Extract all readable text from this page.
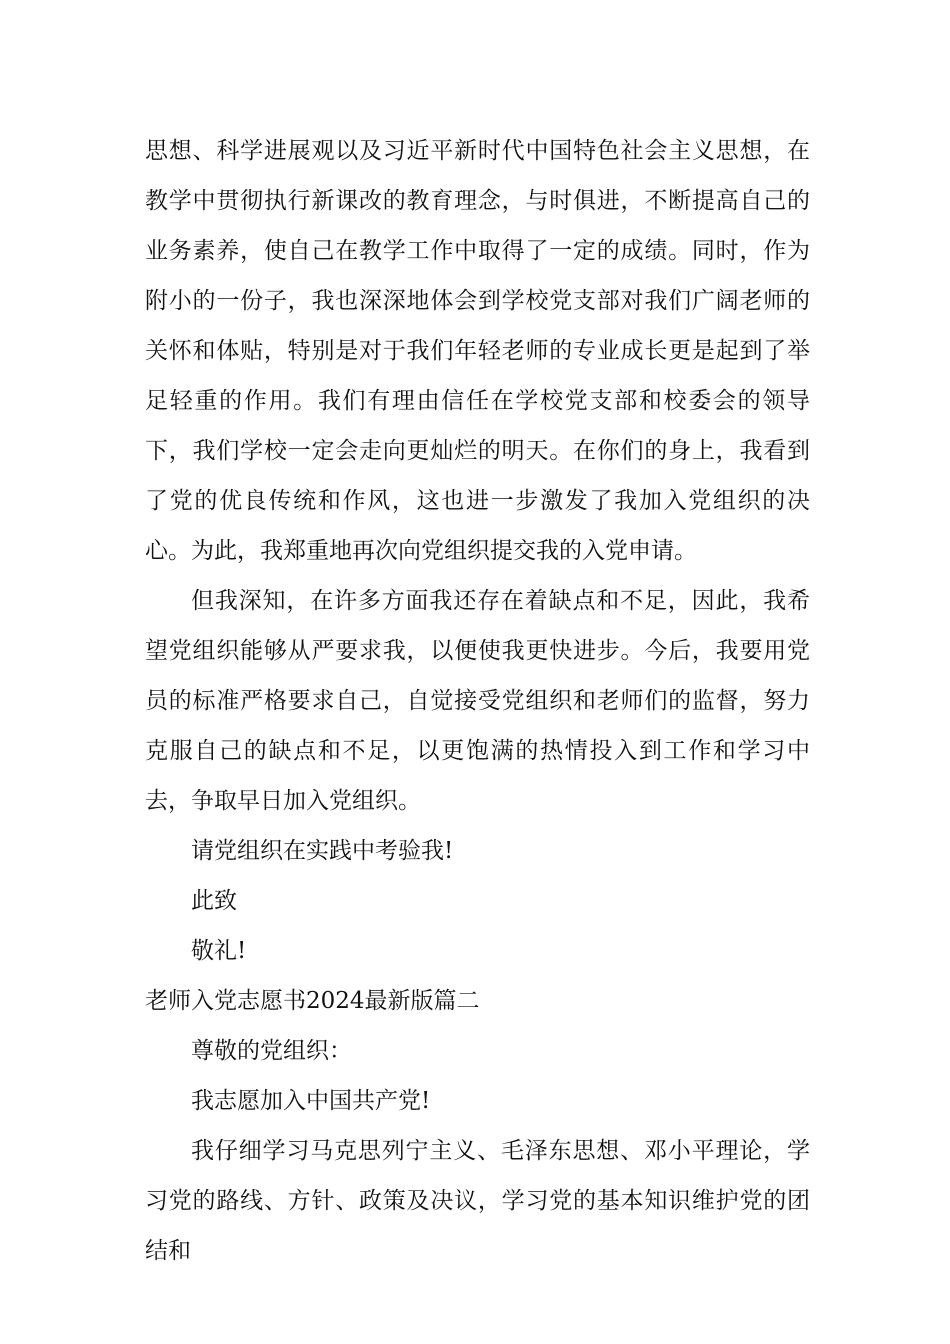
思想、科学进展观以及习近平新时代中国特色社会主义思想，在教学中贯彻执行新课改的教育理念，与时俱进，不断提高自己的业务素养，使自己在教学工作中取得了一定的成绩。同时，作为附小的一份子，我也深深地体会到学校党支部对我们广阔老师的关怀和体贴，特别是对于我们年轻老师的专业成长更是起到了举足轻重的作用。我们有理由信任在学校党支部和校委会的领导下，我们学校一定会走向更灿烂的明天。在你们的身上，我看到了党的优良传统和作风，这也进一步激发了我加入党组织的决心。为此，我郑重地再次向党组织提交我的入党申请。

但我深知，在许多方面我还存在着缺点和不足，因此，我希望党组织能够从严要求我，以便使我更快进步。今后，我要用党员的标准严格要求自己，自觉接受党组织和老师们的监督，努力克服自己的缺点和不足，以更饱满的热情投入到工作和学习中去，争取早日加入党组织。

请党组织在实践中考验我!

此致

敬礼!

老师入党志愿书2024最新版篇二

尊敬的党组织：

我志愿加入中国共产党!

我仔细学习马克思列宁主义、毛泽东思想、邓小平理论，学习党的路线、方针、政策及决议，学习党的基本知识维护党的团结和
